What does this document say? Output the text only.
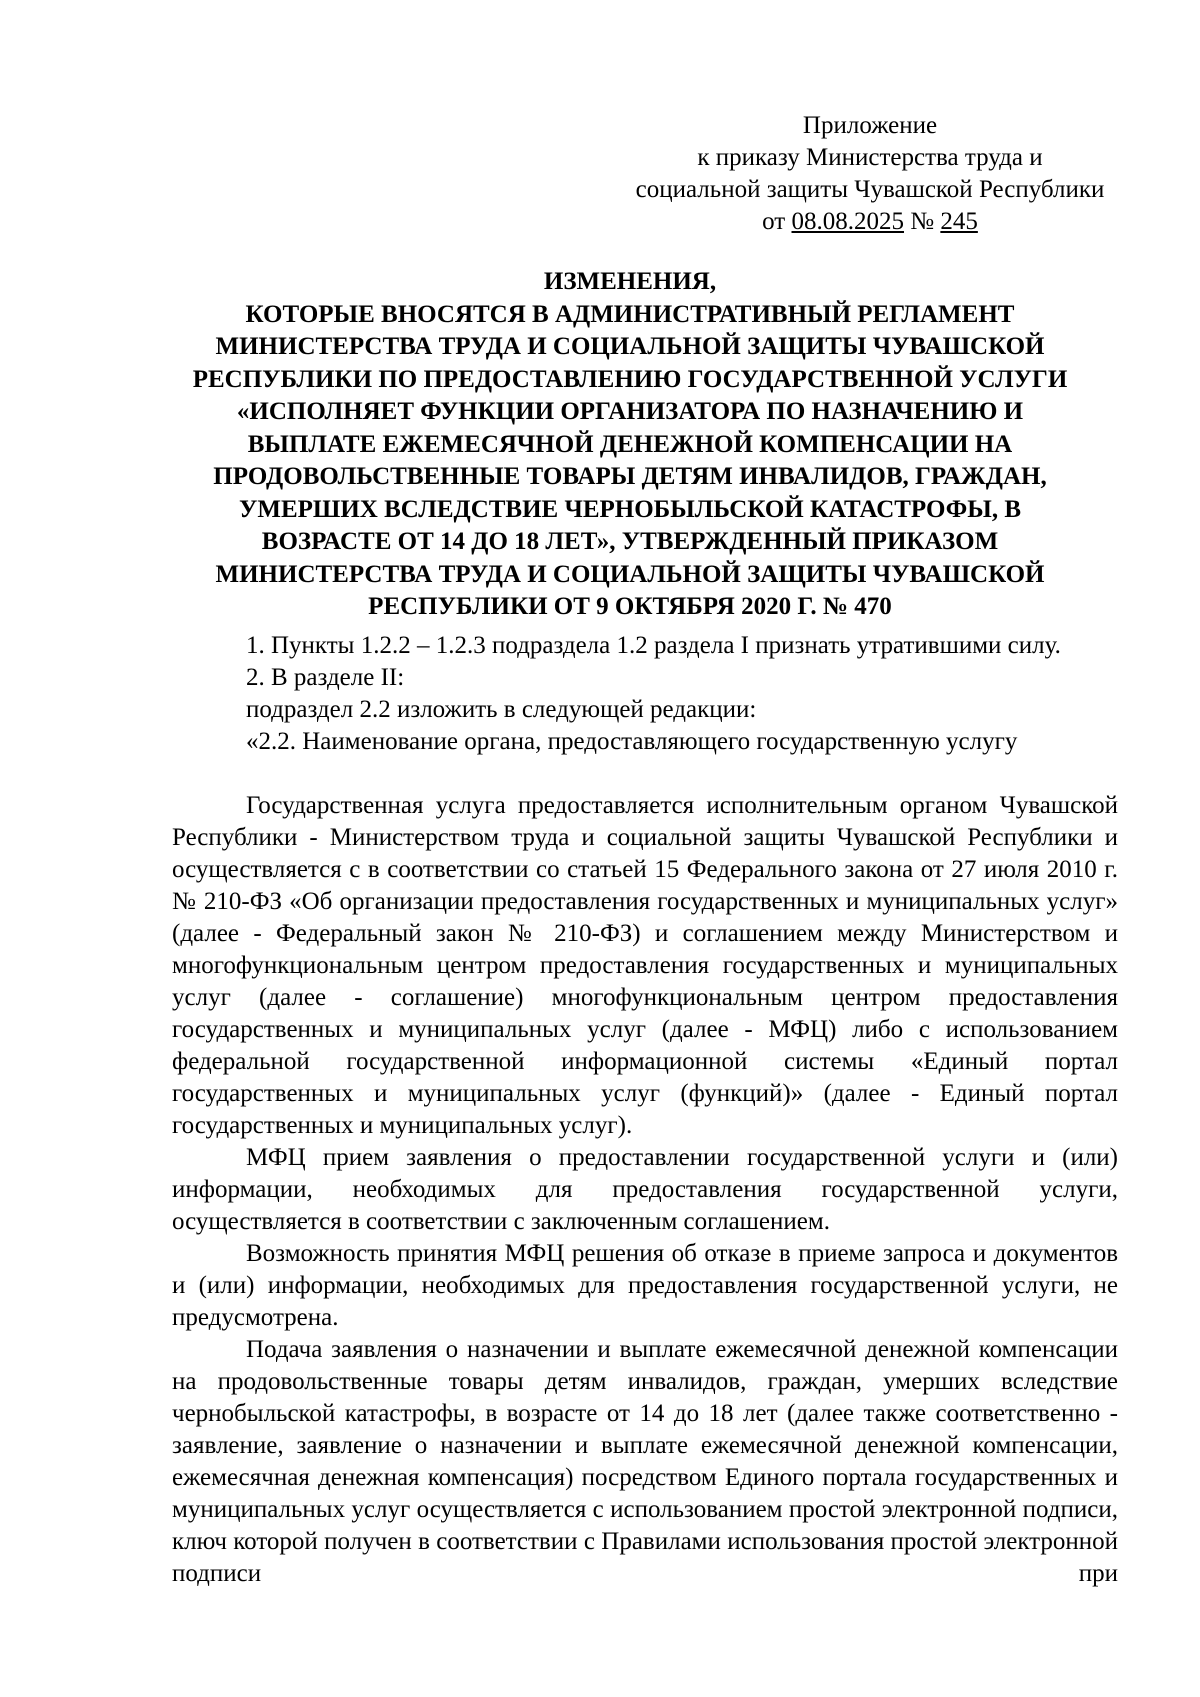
Приложение
к приказу Министерства труда и
социальной защиты Чувашской Республики
от 08.08.2025 № 245
ИЗМЕНЕНИЯ,
КОТОРЫЕ ВНОСЯТСЯ В АДМИНИСТРАТИВНЫЙ РЕГЛАМЕНТ
МИНИСТЕРСТВА ТРУДА И СОЦИАЛЬНОЙ ЗАЩИТЫ ЧУВАШСКОЙ
РЕСПУБЛИКИ ПО ПРЕДОСТАВЛЕНИЮ ГОСУДАРСТВЕННОЙ УСЛУГИ
«ИСПОЛНЯЕТ ФУНКЦИИ ОРГАНИЗАТОРА ПО НАЗНАЧЕНИЮ И
ВЫПЛАТЕ ЕЖЕМЕСЯЧНОЙ ДЕНЕЖНОЙ КОМПЕНСАЦИИ НА
ПРОДОВОЛЬСТВЕННЫЕ ТОВАРЫ ДЕТЯМ ИНВАЛИДОВ, ГРАЖДАН,
УМЕРШИХ ВСЛЕДСТВИЕ ЧЕРНОБЫЛЬСКОЙ КАТАСТРОФЫ, В
ВОЗРАСТЕ ОТ 14 ДО 18 ЛЕТ», УТВЕРЖДЕННЫЙ ПРИКАЗОМ
МИНИСТЕРСТВА ТРУДА И СОЦИАЛЬНОЙ ЗАЩИТЫ ЧУВАШСКОЙ
РЕСПУБЛИКИ ОТ 9 ОКТЯБРЯ 2020 Г. № 470

1. Пункты 1.2.2 – 1.2.3 подраздела 1.2 раздела I признать утратившими силу.

2. В разделе II:

подраздел 2.2 изложить в следующей редакции:

«2.2. Наименование органа, предоставляющего государственную услугу

Государственная услуга предоставляется исполнительным органом Чувашской Республики - Министерством труда и социальной защиты Чувашской Республики и осуществляется с в соответствии со статьей 15 Федерального закона от 27 июля 2010 г. № 210-ФЗ «Об организации предоставления государственных и муниципальных услуг» (далее - Федеральный закон № 210-ФЗ) и соглашением между Министерством и многофункциональным центром предоставления государственных и муниципальных услуг (далее - соглашение) многофункциональным центром предоставления государственных и муниципальных услуг (далее - МФЦ) либо с использованием федеральной государственной информационной системы «Единый портал государственных и муниципальных услуг (функций)» (далее - Единый портал государственных и муниципальных услуг).

МФЦ прием заявления о предоставлении государственной услуги и (или) информации, необходимых для предоставления государственной услуги, осуществляется в соответствии с заключенным соглашением.

Возможность принятия МФЦ решения об отказе в приеме запроса и документов и (или) информации, необходимых для предоставления государственной услуги, не предусмотрена.

Подача заявления о назначении и выплате ежемесячной денежной компенсации на продовольственные товары детям инвалидов, граждан, умерших вследствие чернобыльской катастрофы, в возрасте от 14 до 18 лет (далее также соответственно - заявление, заявление о назначении и выплате ежемесячной денежной компенсации, ежемесячная денежная компенсация) посредством Единого портала государственных и муниципальных услуг осуществляется с использованием простой электронной подписи, ключ которой получен в соответствии с Правилами использования простой электронной подписи при
